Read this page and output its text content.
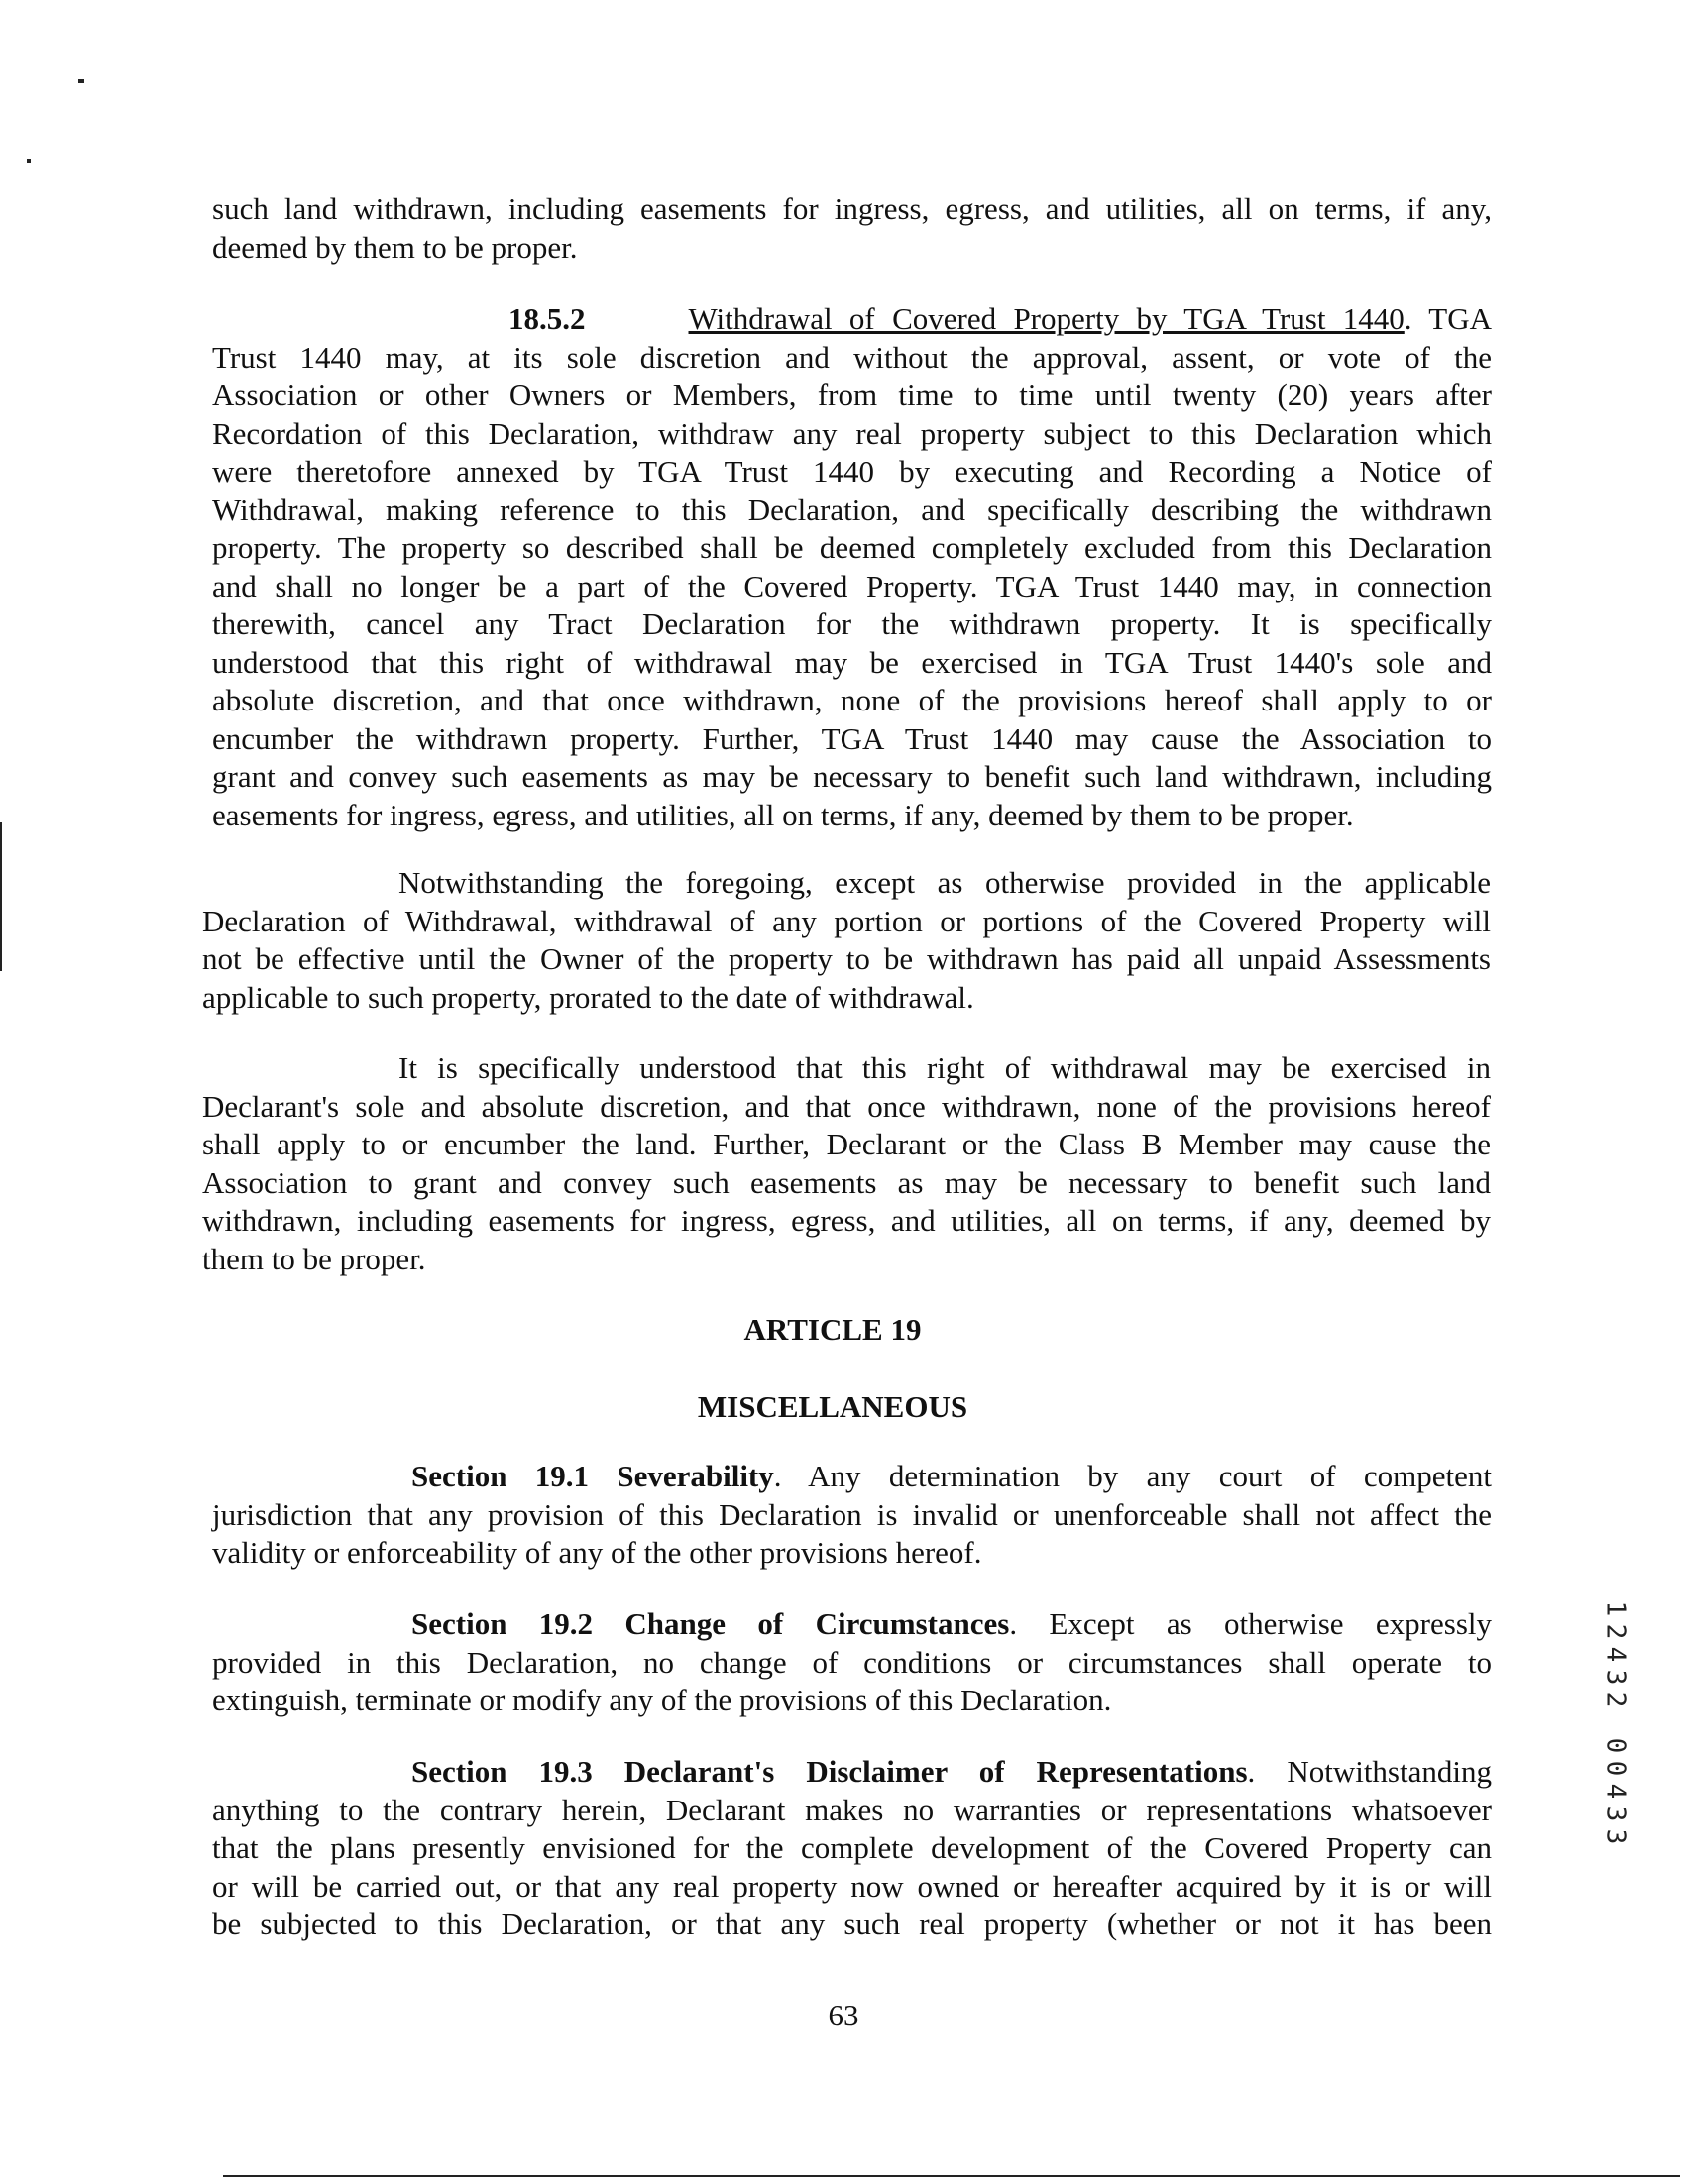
such land withdrawn, including easements for ingress, egress, and utilities, all on terms, if any,
deemed by them to be proper.
18.5.2	Withdrawal of Covered Property by TGA Trust 1440. TGA
Trust 1440 may, at its sole discretion and without the approval, assent, or vote of the
Association or other Owners or Members, from time to time until twenty (20) years after
Recordation of this Declaration, withdraw any real property subject to this Declaration which
were theretofore annexed by TGA Trust 1440 by executing and Recording a Notice of
Withdrawal, making reference to this Declaration, and specifically describing the withdrawn
property. The property so described shall be deemed completely excluded from this Declaration
and shall no longer be a part of the Covered Property. TGA Trust 1440 may, in connection
therewith, cancel any Tract Declaration for the withdrawn property. It is specifically
understood that this right of withdrawal may be exercised in TGA Trust 1440's sole and
absolute discretion, and that once withdrawn, none of the provisions hereof shall apply to or
encumber the withdrawn property. Further, TGA Trust 1440 may cause the Association to
grant and convey such easements as may be necessary to benefit such land withdrawn, including
easements for ingress, egress, and utilities, all on terms, if any, deemed by them to be proper.
Notwithstanding the foregoing, except as otherwise provided in the applicable
Declaration of Withdrawal, withdrawal of any portion or portions of the Covered Property will
not be effective until the Owner of the property to be withdrawn has paid all unpaid Assessments
applicable to such property, prorated to the date of withdrawal.
It is specifically understood that this right of withdrawal may be exercised in
Declarant's sole and absolute discretion, and that once withdrawn, none of the provisions hereof
shall apply to or encumber the land. Further, Declarant or the Class B Member may cause the
Association to grant and convey such easements as may be necessary to benefit such land
withdrawn, including easements for ingress, egress, and utilities, all on terms, if any, deemed by
them to be proper.
ARTICLE 19
MISCELLANEOUS
Section 19.1 Severability. Any determination by any court of competent
jurisdiction that any provision of this Declaration is invalid or unenforceable shall not affect the
validity or enforceability of any of the other provisions hereof.
Section 19.2 Change of Circumstances. Except as otherwise expressly
provided in this Declaration, no change of conditions or circumstances shall operate to
extinguish, terminate or modify any of the provisions of this Declaration.
Section 19.3 Declarant's Disclaimer of Representations. Notwithstanding
anything to the contrary herein, Declarant makes no warranties or representations whatsoever
that the plans presently envisioned for the complete development of the Covered Property can
or will be carried out, or that any real property now owned or hereafter acquired by it is or will
be subjected to this Declaration, or that any such real property (whether or not it has been
63
1
2
4
3
2

0
0
4
3
3
